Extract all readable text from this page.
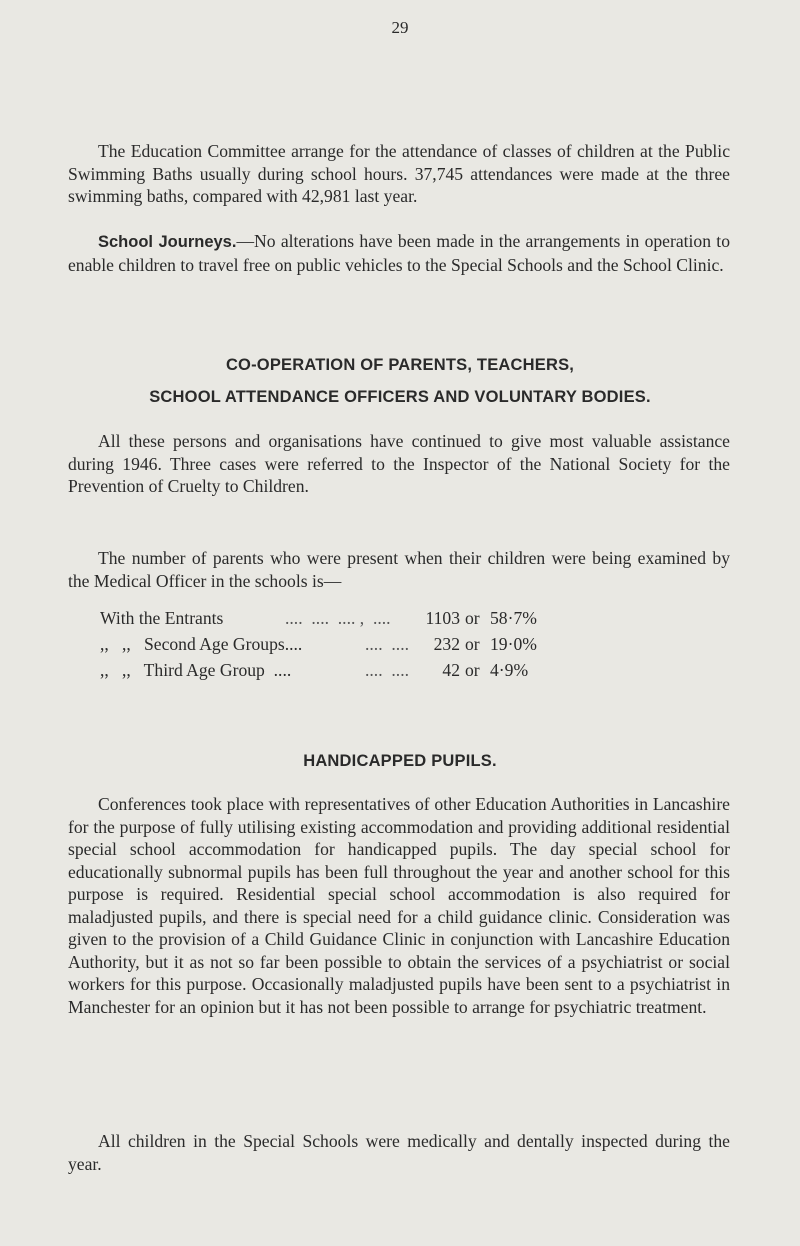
29

The Education Committee arrange for the attendance of classes of children at the Public Swimming Baths usually during school hours. 37,745 attendances were made at the three swimming baths, compared with 42,981 last year.

School Journeys.—No alterations have been made in the arrangements in operation to enable children to travel free on public vehicles to the Special Schools and the School Clinic.

CO-OPERATION OF PARENTS, TEACHERS,
SCHOOL ATTENDANCE OFFICERS AND VOLUNTARY BODIES.

All these persons and organisations have continued to give most valuable assistance during 1946. Three cases were referred to the Inspector of the National Society for the Prevention of Cruelty to Children.

The number of parents who were present when their children were being examined by the Medical Officer in the schools is—

With the Entrants	....  ....  .... ,  .... 1103 or 58·7%
,,   ,,   Second Age Groups....	....  .... 232 or 19·0%
,,   ,,   Third Age Group  ....	....  .... 42 or 4·9%
HANDICAPPED PUPILS.

Conferences took place with representatives of other Education Authorities in Lancashire for the purpose of fully utilising existing accommodation and providing additional residential special school accommodation for handicapped pupils. The day special school for educationally subnormal pupils has been full throughout the year and another school for this purpose is required. Residential special school accommodation is also required for maladjusted pupils, and there is special need for a child guidance clinic. Consideration was given to the provision of a Child Guidance Clinic in conjunction with Lancashire Education Authority, but it as not so far been possible to obtain the services of a psychiatrist or social workers for this purpose. Occasionally maladjusted pupils have been sent to a psychiatrist in Manchester for an opinion but it has not been possible to arrange for psychiatric treatment.

All children in the Special Schools were medically and dentally inspected during the year.
